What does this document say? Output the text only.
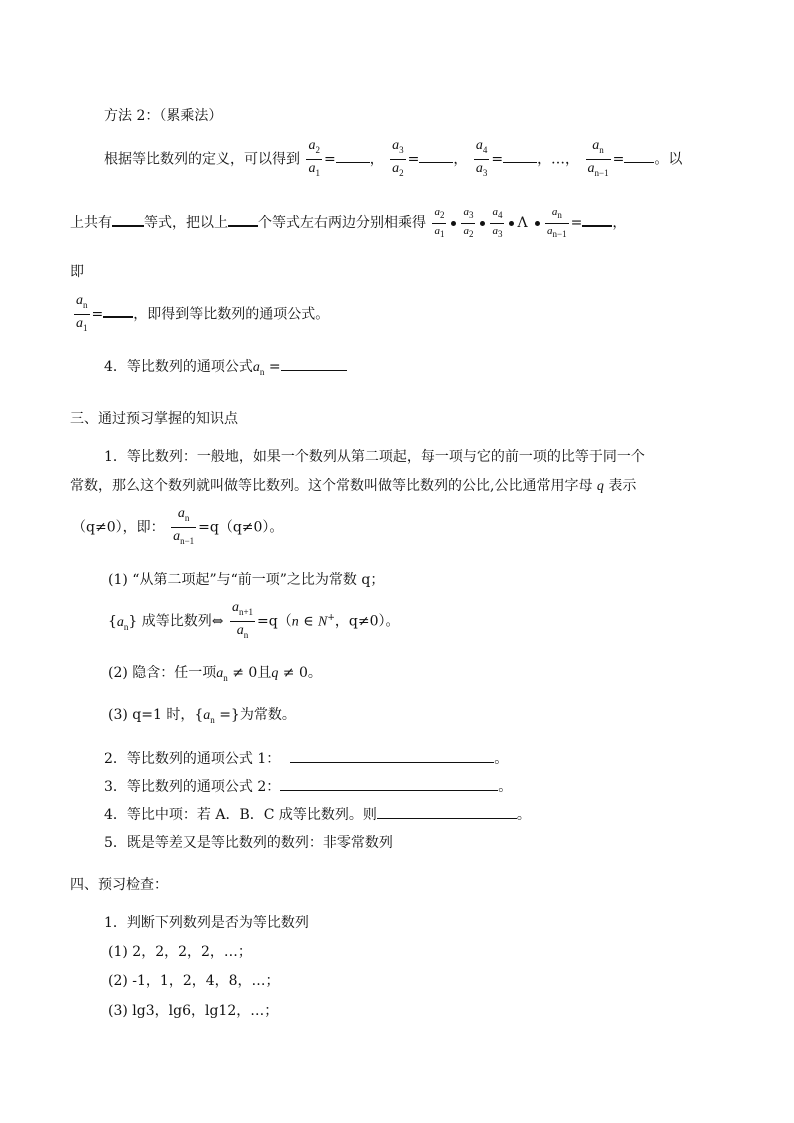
方法 2：（累乘法）
根据等比数列的定义，可以得到 $\frac{a_2}{a_1}$ = ， $\frac{a_3}{a_2}$ = ， $\frac{a_4}{a_3}$ = ，…， $\frac{a_n}{a_{n-1}}$ = 。以
上共有 等式，把以上 个等式左右两边分别相乘得 $\frac{a_2}{a_1} \frac{a_3}{a_2} \frac{a_4}{a_3}$ Λ $\frac{a_n}{a_{n-1}}$ = ，
即
$\frac{a_n}{a_1}$ = ，即得到等比数列的通项公式。
4．等比数列的通项公式$a_n$ =
三、通过预习掌握的知识点
1．等比数列：一般地，如果一个数列从第二项起，每一项与它的前一项的比等于同一个
常数，那么这个数列就叫做等比数列。这个常数叫做等比数列的公比,公比通常用字母 q 表示
（q≠0），即： $\frac{a_n}{a_{n-1}} =q(q\ne 0)$。
(1) “从第二项起”与“前一项”之比为常数 q；
$\{a_n\}$ 成等比数列⇔ $\frac{a_{n+1}}{a_n} =q(n$ ∈ N+，q≠0）。
(2) 隐含：任一项$a_n \ne 0$且q ≠ 0。
(3) q=1 时，{$a_n$ =}为常数。
2．等比数列的通项公式 1：	。
3．等比数列的通项公式 2：	。
4．等比中项：若 A．B．C 成等比数列。则	。
5．既是等差又是等比数列的数列：非零常数列
四、预习检查：
1．判断下列数列是否为等比数列
(1) 2，2，2，2，…；
(2) -1，1，2，4，8，…；
(3) lg3，lg6，lg12，…；
